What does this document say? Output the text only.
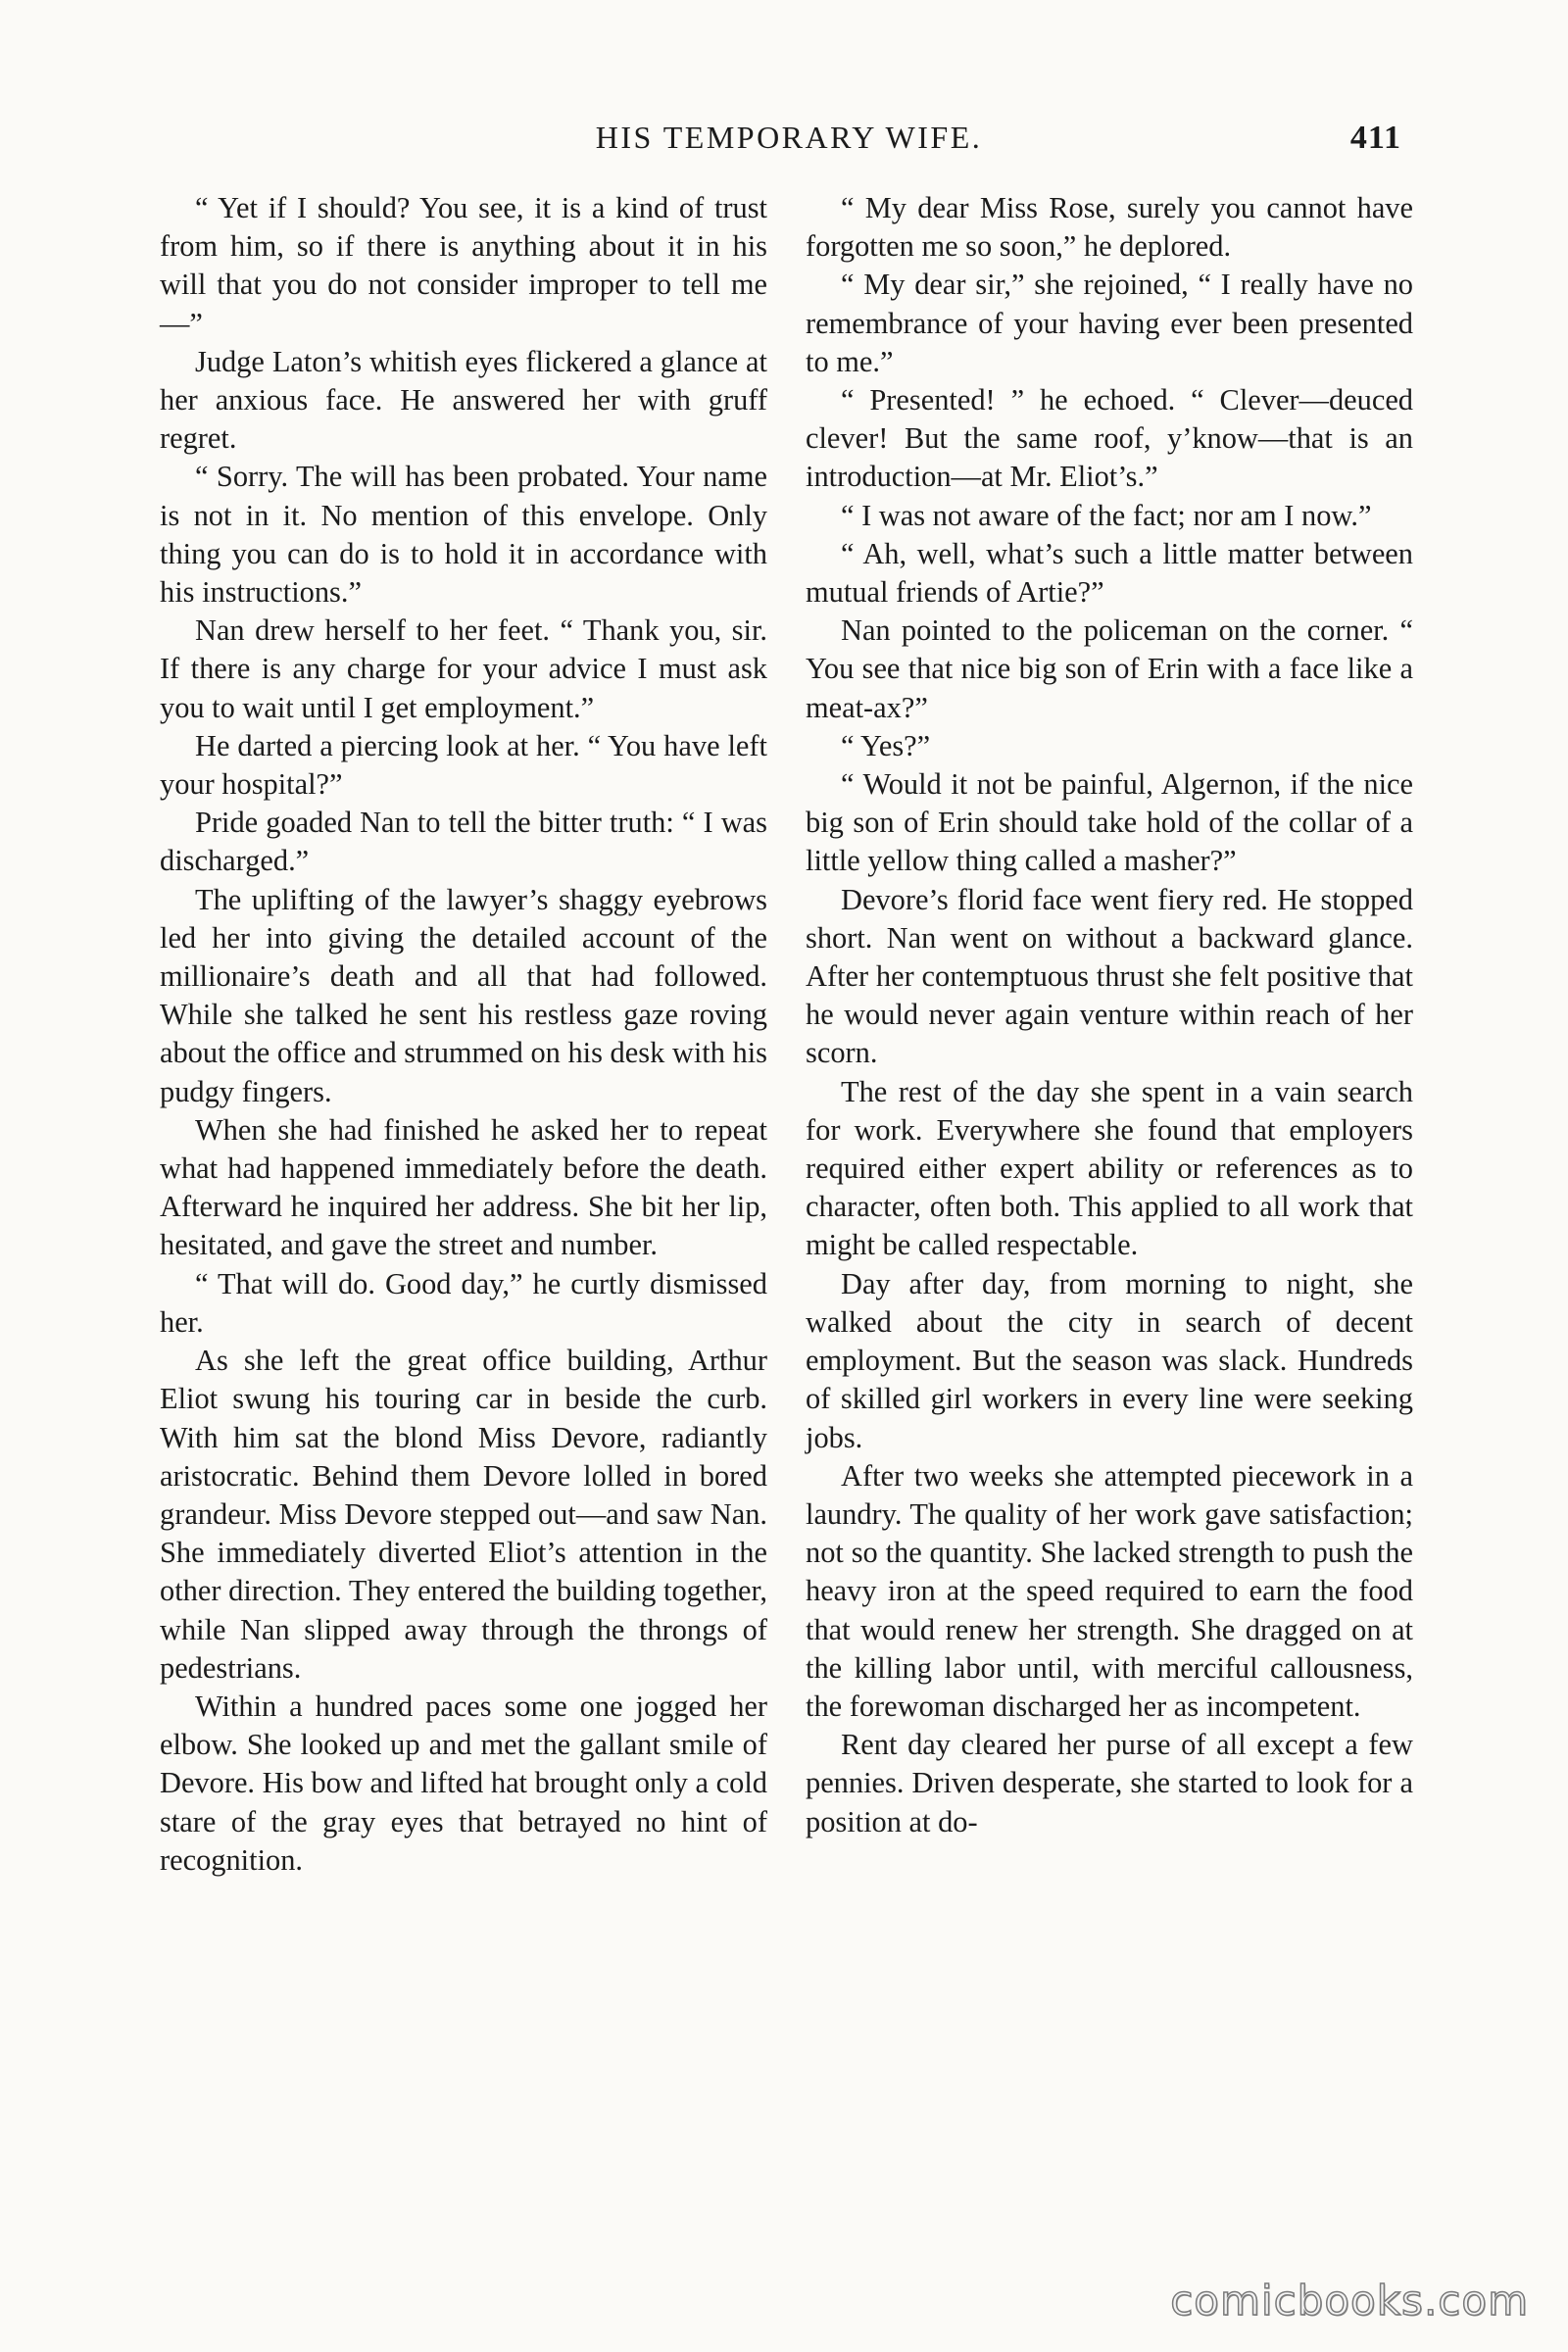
HIS TEMPORARY WIFE.	411

“ Yet if I should? You see, it is a kind of trust from him, so if there is anything about it in his will that you do not consider improper to tell me—”

Judge Laton’s whitish eyes flickered a glance at her anxious face. He answered her with gruff regret.

“ Sorry. The will has been probated. Your name is not in it. No mention of this envelope. Only thing you can do is to hold it in accordance with his instructions.”

Nan drew herself to her feet. “ Thank you, sir. If there is any charge for your advice I must ask you to wait until I get employment.”

He darted a piercing look at her. “ You have left your hospital?”

Pride goaded Nan to tell the bitter truth: “ I was discharged.”

The uplifting of the lawyer’s shaggy eyebrows led her into giving the detailed account of the millionaire’s death and all that had followed. While she talked he sent his restless gaze roving about the office and strummed on his desk with his pudgy fingers.

When she had finished he asked her to repeat what had happened immediately before the death. Afterward he inquired her address. She bit her lip, hesitated, and gave the street and number.

“ That will do. Good day,” he curtly dismissed her.

As she left the great office building, Arthur Eliot swung his touring car in beside the curb. With him sat the blond Miss Devore, radiantly aristocratic. Behind them Devore lolled in bored grandeur. Miss Devore stepped out—and saw Nan. She immediately diverted Eliot’s attention in the other direction. They entered the building together, while Nan slipped away through the throngs of pedestrians.

Within a hundred paces some one jogged her elbow. She looked up and met the gallant smile of Devore. His bow and lifted hat brought only a cold stare of the gray eyes that betrayed no hint of recognition.

“ My dear Miss Rose, surely you cannot have forgotten me so soon,” he deplored.

“ My dear sir,” she rejoined, “ I really have no remembrance of your having ever been presented to me.”

“ Presented! ” he echoed. “ Clever—deuced clever! But the same roof, y’know—that is an introduction—at Mr. Eliot’s.”

“ I was not aware of the fact; nor am I now.”

“ Ah, well, what’s such a little matter between mutual friends of Artie?”

Nan pointed to the policeman on the corner. “ You see that nice big son of Erin with a face like a meat-ax?”

“ Yes?”

“ Would it not be painful, Algernon, if the nice big son of Erin should take hold of the collar of a little yellow thing called a masher?”

Devore’s florid face went fiery red. He stopped short. Nan went on without a backward glance. After her contemptuous thrust she felt positive that he would never again venture within reach of her scorn.

The rest of the day she spent in a vain search for work. Everywhere she found that employers required either expert ability or references as to character, often both. This applied to all work that might be called respectable.

Day after day, from morning to night, she walked about the city in search of decent employment. But the season was slack. Hundreds of skilled girl workers in every line were seeking jobs.

After two weeks she attempted piecework in a laundry. The quality of her work gave satisfaction; not so the quantity. She lacked strength to push the heavy iron at the speed required to earn the food that would renew her strength. She dragged on at the killing labor until, with merciful callousness, the forewoman discharged her as incompetent.

Rent day cleared her purse of all except a few pennies. Driven desperate, she started to look for a position at do-

comicbooks.com
